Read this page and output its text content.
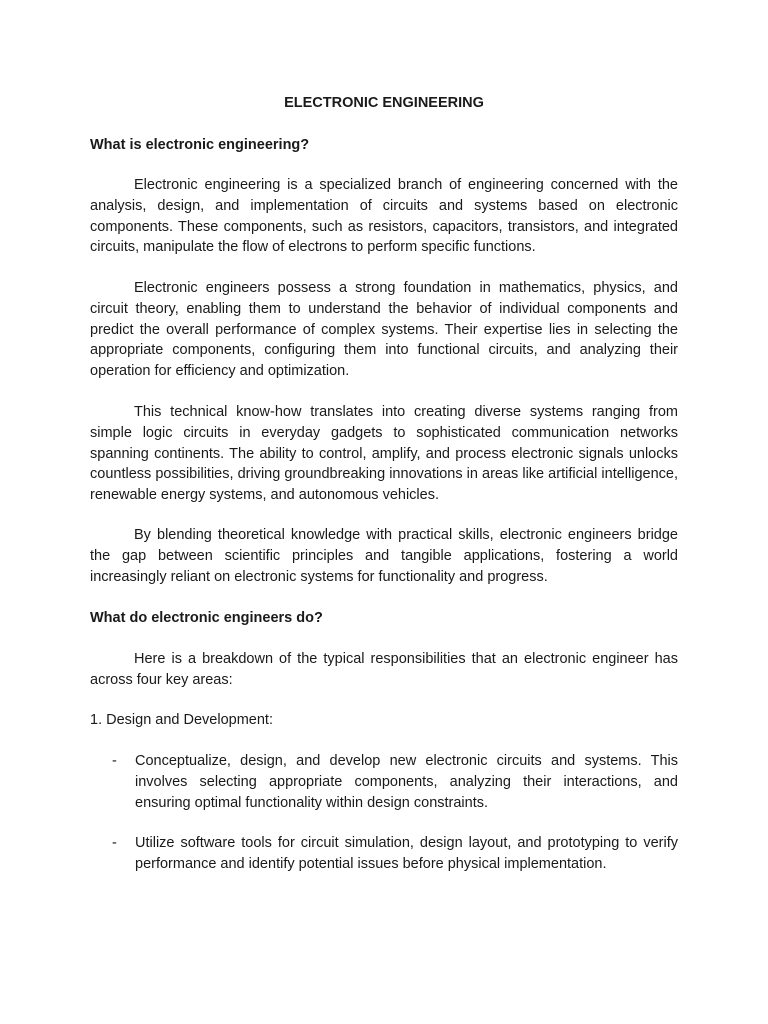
ELECTRONIC ENGINEERING
What is electronic engineering?

Electronic engineering is a specialized branch of engineering concerned with the analysis, design, and implementation of circuits and systems based on electronic components. These components, such as resistors, capacitors, transistors, and integrated circuits, manipulate the flow of electrons to perform specific functions.

Electronic engineers possess a strong foundation in mathematics, physics, and circuit theory, enabling them to understand the behavior of individual components and predict the overall performance of complex systems. Their expertise lies in selecting the appropriate components, configuring them into functional circuits, and analyzing their operation for efficiency and optimization.

This technical know-how translates into creating diverse systems ranging from simple logic circuits in everyday gadgets to sophisticated communication networks spanning continents. The ability to control, amplify, and process electronic signals unlocks countless possibilities, driving groundbreaking innovations in areas like artificial intelligence, renewable energy systems, and autonomous vehicles.

By blending theoretical knowledge with practical skills, electronic engineers bridge the gap between scientific principles and tangible applications, fostering a world increasingly reliant on electronic systems for functionality and progress.

What do electronic engineers do?

Here is a breakdown of the typical responsibilities that an electronic engineer has across four key areas:

1. Design and Development:

- Conceptualize, design, and develop new electronic circuits and systems. This involves selecting appropriate components, analyzing their interactions, and ensuring optimal functionality within design constraints.

- Utilize software tools for circuit simulation, design layout, and prototyping to verify performance and identify potential issues before physical implementation.
